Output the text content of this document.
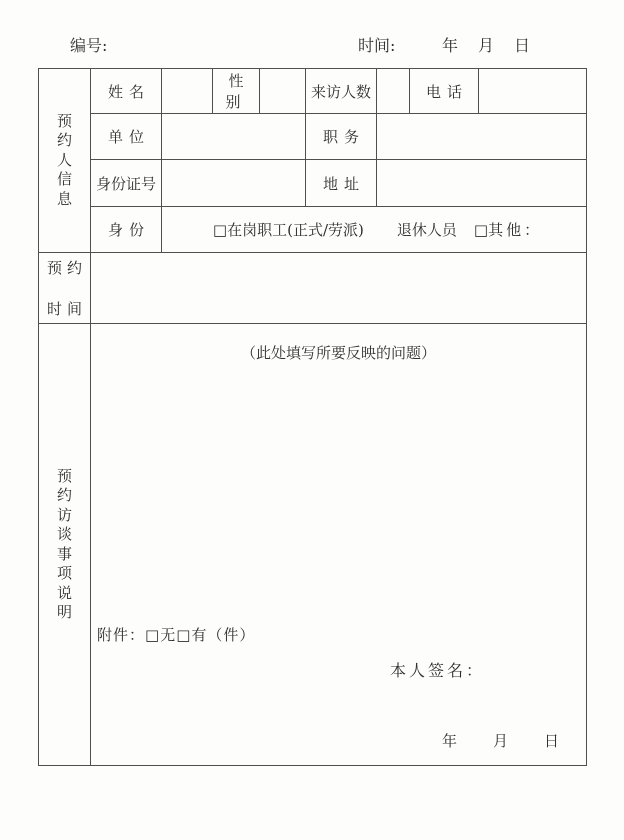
编号:	时间:	年　月　日
预约人信息	姓名		性别		来访人数		电话	
	单位				职务			
	身份证号				地址			
	身份	□在岗职工(正式/劳派) 退休人员 □其他：						

预约
时间								

预约访谈事项说明	（此处填写所要反映的问题）
附件：□无□有（件）
本人签名：
年　　月　　日							
